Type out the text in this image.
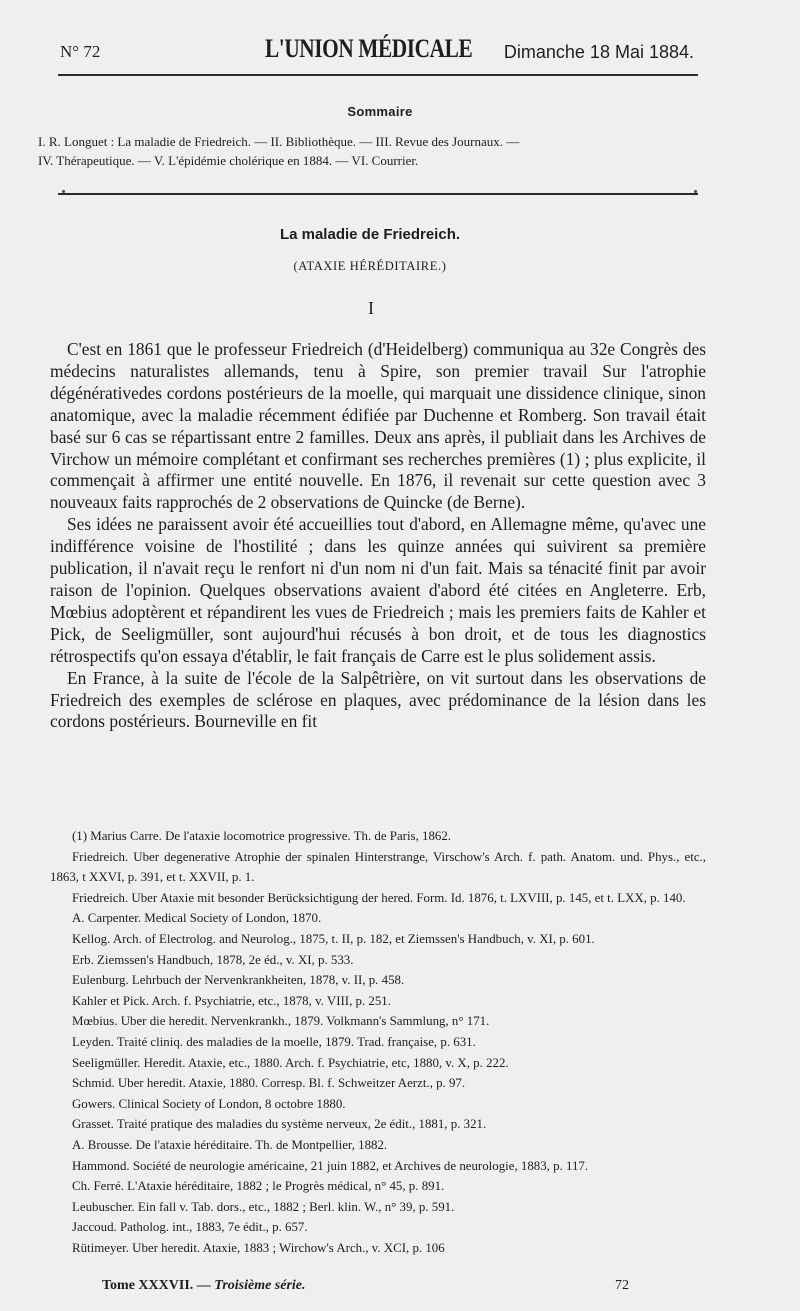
N° 72	L'UNION MÉDICALE Dimanche 18 Mai 1884.
Sommaire
I. R. Longuet : La maladie de Friedreich. — II. Bibliothèque. — III. Revue des Journaux. —
IV. Thérapeutique. — V. L'épidémie cholérique en 1884. — VI. Courrier.
La maladie de Friedreich.
(ATAXIE HÉRÉDITAIRE.)
I

C'est en 1861 que le professeur Friedreich (d'Heidelberg) communiqua au 32e Congrès des médecins naturalistes allemands, tenu à Spire, son premier travail Sur l'atrophie dégénérativedes cordons postérieurs de la moelle, qui marquait une dissidence clinique, sinon anatomique, avec la maladie récemment édifiée par Duchenne et Romberg. Son travail était basé sur 6 cas se répartissant entre 2 familles. Deux ans après, il publiait dans les Archives de Virchow un mémoire complétant et confirmant ses recherches premières (1) ; plus explicite, il commençait à affirmer une entité nouvelle. En 1876, il revenait sur cette question avec 3 nouveaux faits rapprochés de 2 observations de Quincke (de Berne).

Ses idées ne paraissent avoir été accueillies tout d'abord, en Allemagne même, qu'avec une indifférence voisine de l'hostilité ; dans les quinze années qui suivirent sa première publication, il n'avait reçu le renfort ni d'un nom ni d'un fait. Mais sa ténacité finit par avoir raison de l'opinion. Quelques observations avaient d'abord été citées en Angleterre. Erb, Mœbius adoptèrent et répandirent les vues de Friedreich ; mais les premiers faits de Kahler et Pick, de Seeligmüller, sont aujourd'hui récusés à bon droit, et de tous les diagnostics rétrospectifs qu'on essaya d'établir, le fait français de Carre est le plus solidement assis.

En France, à la suite de l'école de la Salpêtrière, on vit surtout dans les observations de Friedreich des exemples de sclérose en plaques, avec prédominance de la lésion dans les cordons postérieurs. Bourneville en fit

(1) Marius Carre. De l'ataxie locomotrice progressive. Th. de Paris, 1862.

Friedreich. Uber degenerative Atrophie der spinalen Hinterstrange, Virschow's Arch. f. path. Anatom. und. Phys., etc., 1863, t XXVI, p. 391, et t. XXVII, p. 1.

Friedreich. Uber Ataxie mit besonder Berücksichtigung der hered. Form. Id. 1876, t. LXVIII, p. 145, et t. LXX, p. 140.

A. Carpenter. Medical Society of London, 1870.

Kellog. Arch. of Electrolog. and Neurolog., 1875, t. II, p. 182, et Ziemssen's Handbuch, v. XI, p. 601.

Erb. Ziemssen's Handbuch, 1878, 2e éd., v. XI, p. 533.

Eulenburg. Lehrbuch der Nervenkrankheiten, 1878, v. II, p. 458.

Kahler et Pick. Arch. f. Psychiatrie, etc., 1878, v. VIII, p. 251.

Mœbius. Uber die heredit. Nervenkrankh., 1879. Volkmann's Sammlung, n° 171.

Leyden. Traité cliniq. des maladies de la moelle, 1879. Trad. française, p. 631.

Seeligmüller. Heredit. Ataxie, etc., 1880. Arch. f. Psychiatrie, etc, 1880, v. X, p. 222.

Schmid. Uber heredit. Ataxie, 1880. Corresp. Bl. f. Schweitzer Aerzt., p. 97.

Gowers. Clinical Society of London, 8 octobre 1880.

Grasset. Traité pratique des maladies du système nerveux, 2e édit., 1881, p. 321.

A. Brousse. De l'ataxie héréditaire. Th. de Montpellier, 1882.

Hammond. Société de neurologie américaine, 21 juin 1882, et Archives de neurologie, 1883, p. 117.

Ch. Ferré. L'Ataxie héréditaire, 1882 ; le Progrès médical, n° 45, p. 891.

Leubuscher. Ein fall v. Tab. dors., etc., 1882 ; Berl. klin. W., n° 39, p. 591.

Jaccoud. Patholog. int., 1883, 7e édit., p. 657.

Rütimeyer. Uber heredit. Ataxie, 1883 ; Wirchow's Arch., v. XCI, p. 106

Tome XXXVII. — Troisième série.	72
